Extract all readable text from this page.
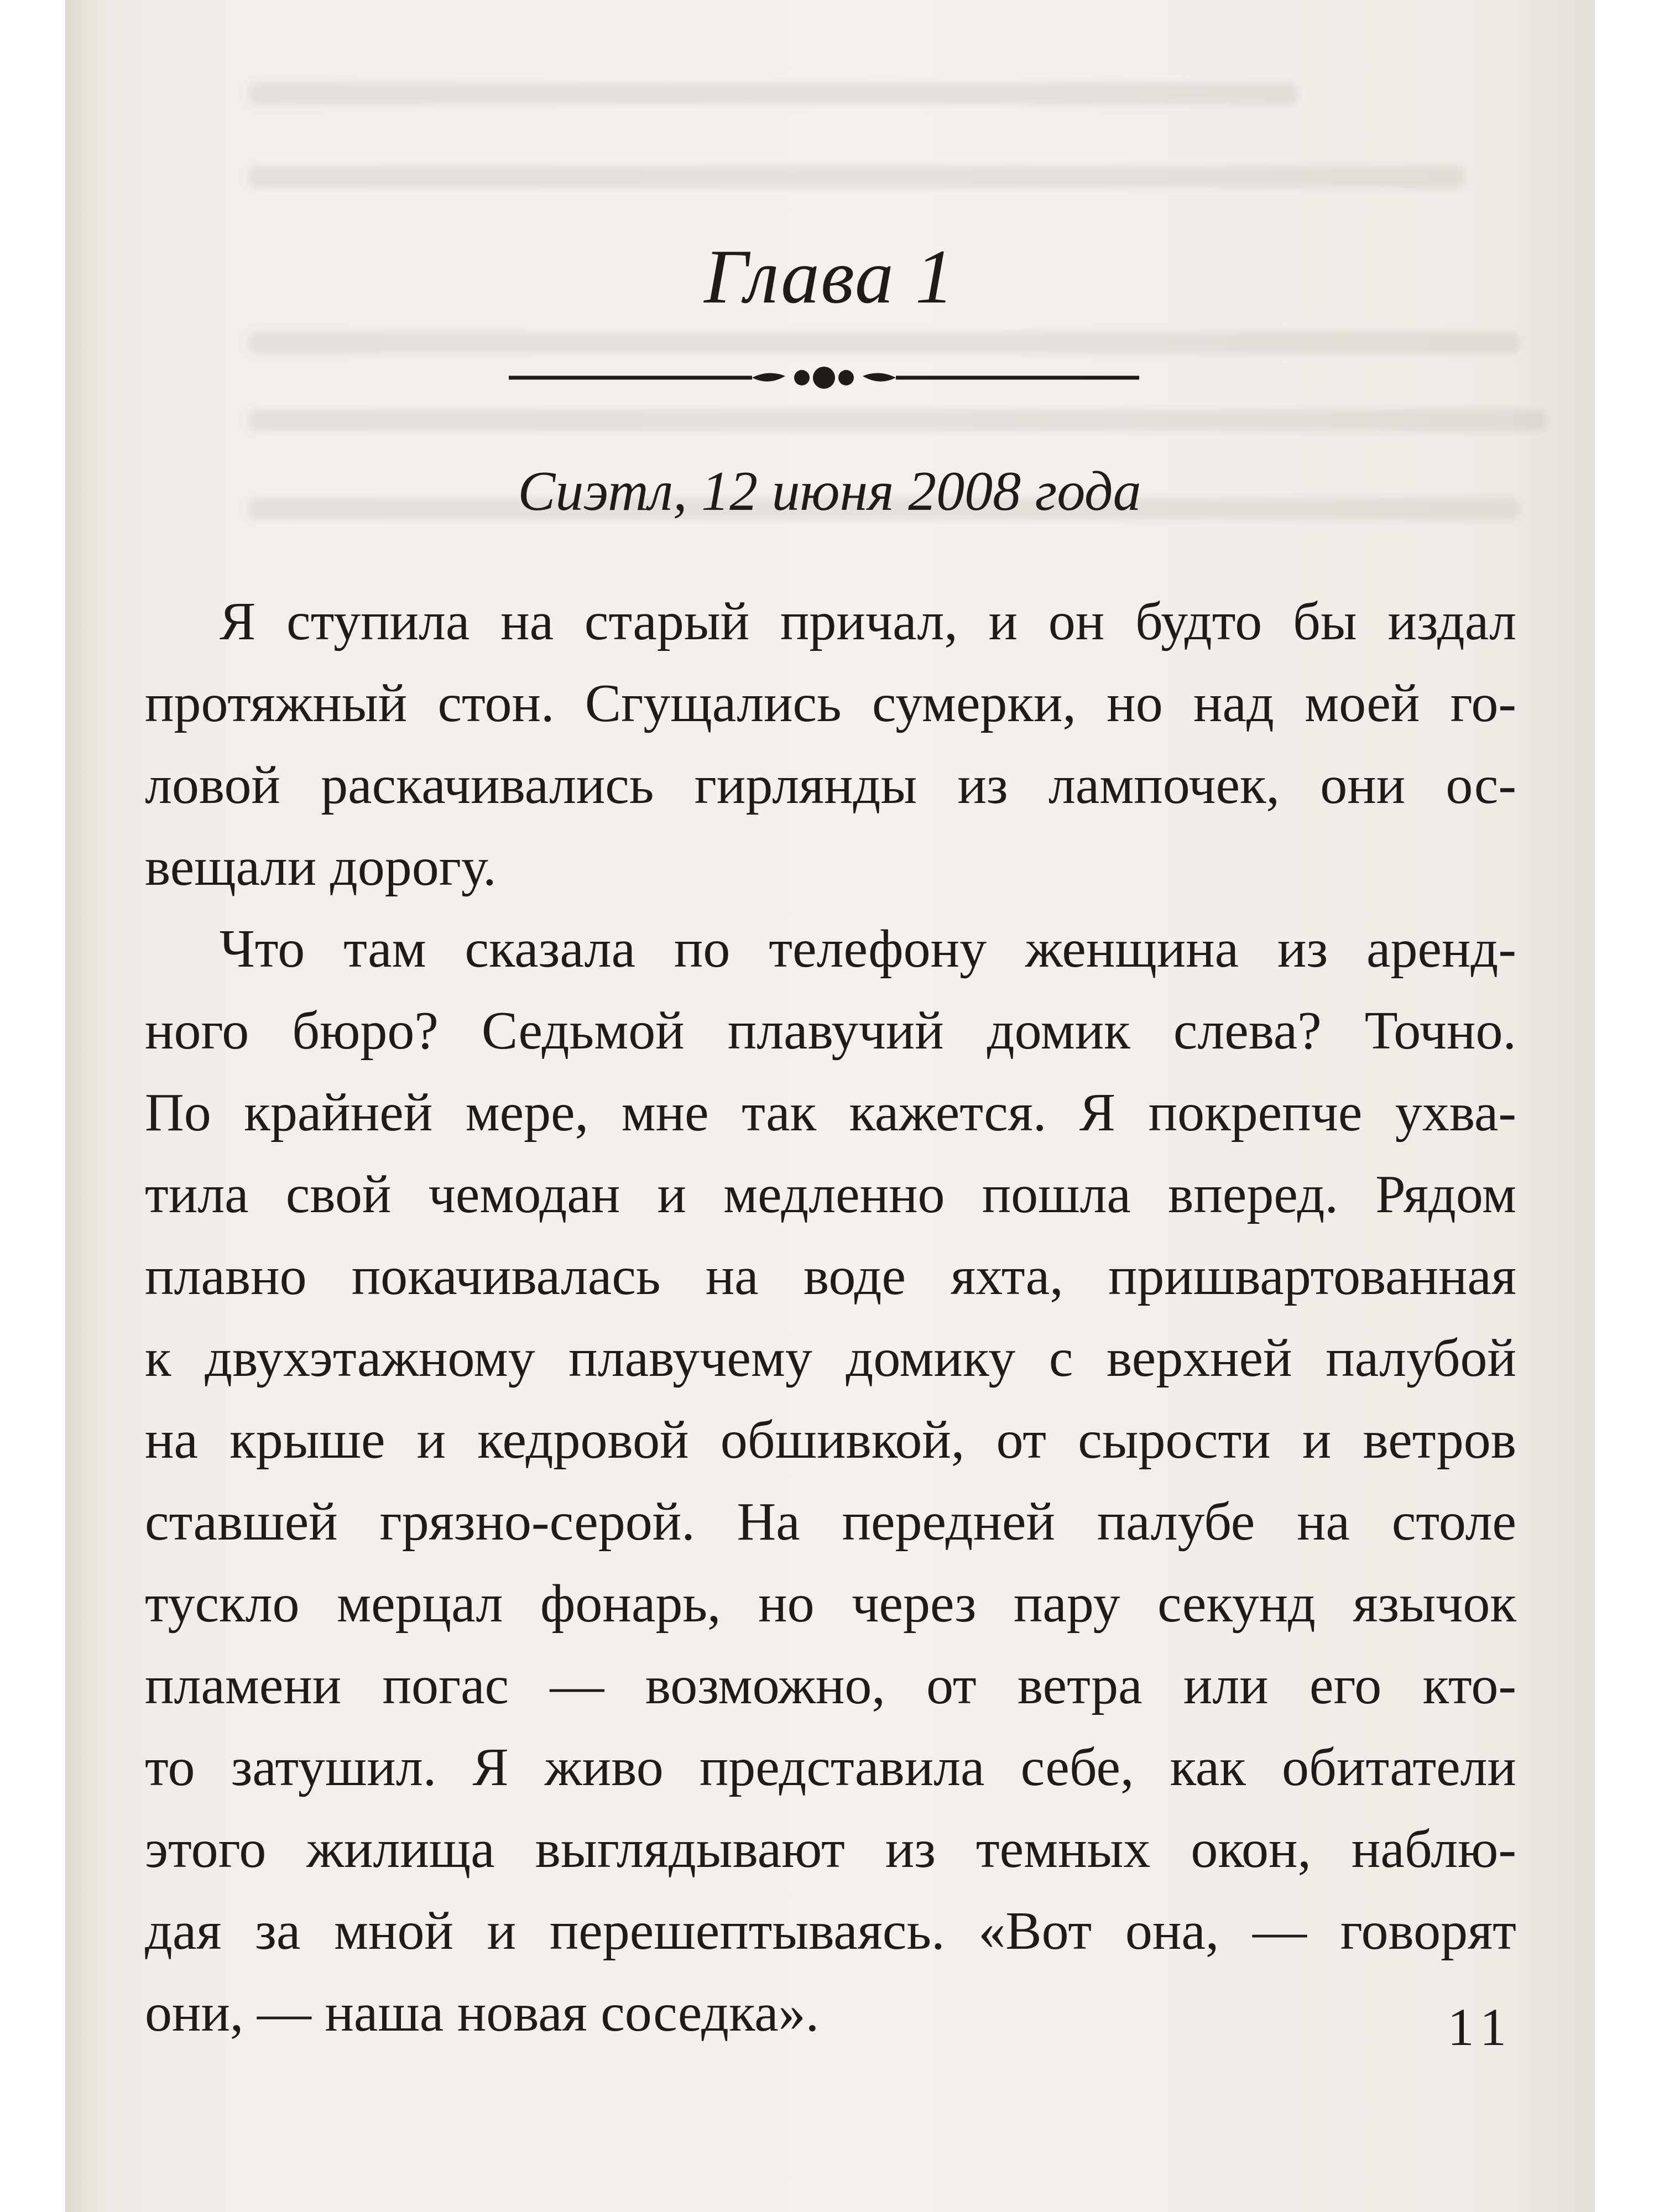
Глава 1
Сиэтл, 12 июня 2008 года
Я ступила на старый причал, и он будто бы издал
протяжный стон. Сгущались сумерки, но над моей го-
ловой раскачивались гирлянды из лампочек, они ос-
вещали дорогу.
Что там сказала по телефону женщина из аренд-
ного бюро? Седьмой плавучий домик слева? Точно.
По крайней мере, мне так кажется. Я покрепче ухва-
тила свой чемодан и медленно пошла вперед. Рядом
плавно покачивалась на воде яхта, пришвартованная
к двухэтажному плавучему домику с верхней палубой
на крыше и кедровой обшивкой, от сырости и ветров
ставшей грязно-серой. На передней палубе на столе
тускло мерцал фонарь, но через пару секунд язычок
пламени погас — возможно, от ветра или его кто-
то затушил. Я живо представила себе, как обитатели
этого жилища выглядывают из темных окон, наблю-
дая за мной и перешептываясь. «Вот она, — говорят
они, — наша новая соседка».	11
